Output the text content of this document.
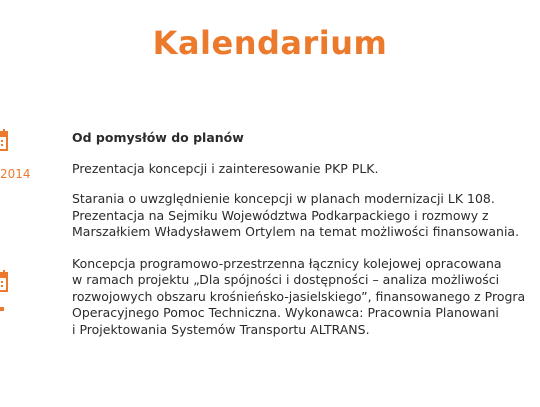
Kalendarium
2014
Od pomysłów do planów
Prezentacja koncepcji i zainteresowanie PKP PLK.
Starania o uwzględnienie koncepcji w planach modernizacji LK 108.
Prezentacja na Sejmiku Województwa Podkarpackiego i rozmowy z
Marszałkiem Władysławem Ortylem na temat możliwości finansowania.
Koncepcja programowo-przestrzenna łącznicy kolejowej opracowana
w ramach projektu „Dla spójności i dostępności – analiza możliwości
rozwojowych obszaru krośnieńsko-jasielskiego”, finansowanego z Progra
Operacyjnego Pomoc Techniczna. Wykonawca: Pracownia Planowani
i Projektowania Systemów Transportu ALTRANS.
